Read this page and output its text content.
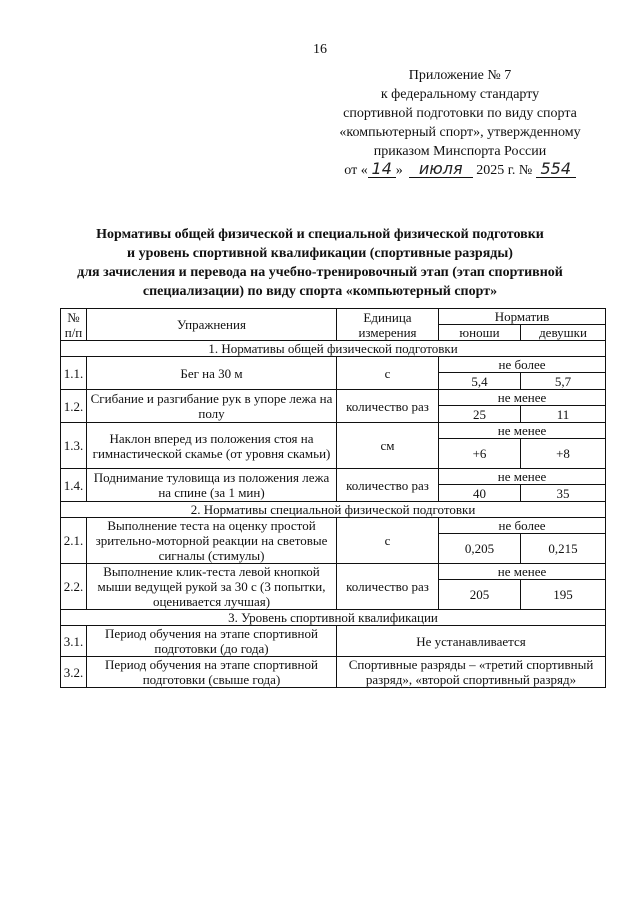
16
Приложение № 7
к федеральному стандарту
спортивной подготовки по виду спорта
«компьютерный спорт», утвержденному
приказом Минспорта России
от « 14 » июля 2025 г. № 554
Нормативы общей физической и специальной физической подготовки
и уровень спортивной квалификации (спортивные разряды)
для зачисления и перевода на учебно-тренировочный этап (этап спортивной
специализации) по виду спорта «компьютерный спорт»
№ п/п	Упражнения	Единица измерения	Норматив	
			юноши	девушки
1. Нормативы общей физической подготовки				
1.1.	Бег на 30 м	с	не более	
			5,4	5,7
1.2.	Сгибание и разгибание рук в упоре лежа на полу	количество раз	не менее	
			25	11
1.3.	Наклон вперед из положения стоя на гимнастической скамье (от уровня скамьи)	см	не менее	
			+6	+8
1.4.	Поднимание туловища из положения лежа на спине (за 1 мин)	количество раз	не менее	
			40	35
2. Нормативы специальной физической подготовки				
2.1.	Выполнение теста на оценку простой зрительно-моторной реакции на световые сигналы (стимулы)	с	не более	
			0,205	0,215
2.2.	Выполнение клик-теста левой кнопкой мыши ведущей рукой за 30 с (3 попытки, оценивается лучшая)	количество раз	не менее	
			205	195
3. Уровень спортивной квалификации				
3.1.	Период обучения на этапе спортивной подготовки (до года)	Не устанавливается		
3.2.	Период обучения на этапе спортивной подготовки (свыше года)	Спортивные разряды – «третий спортивный разряд», «второй спортивный разряд»		
